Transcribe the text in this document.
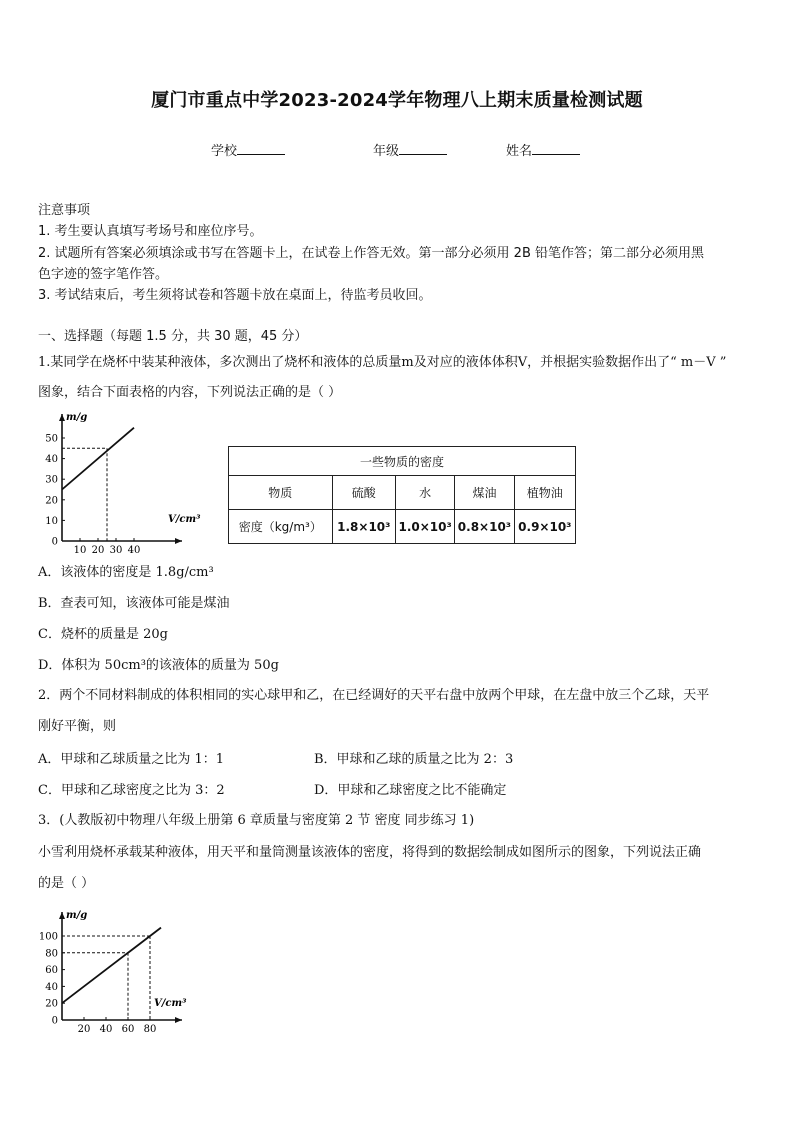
厦门市重点中学2023-2024学年物理八上期末质量检测试题
学校	年级	姓名
注意事项
1. 考生要认真填写考场号和座位序号。
2. 试题所有答案必须填涂或书写在答题卡上，在试卷上作答无效。第一部分必须用 2B 铅笔作答；第二部分必须用黑
色字迹的签字笔作答。
3. 考试结束后，考生须将试卷和答题卡放在桌面上，待监考员收回。
一、选择题（每题 1.5 分，共 30 题，45 分）
1.某同学在烧杯中装某种液体，多次测出了烧杯和液体的总质量m及对应的液体体积V，并根据实验数据作出了“ m－V ”
图象，结合下面表格的内容，下列说法正确的是（ ）
0
10
20
30
40
50
10 20 30 40
m/g
V/cm³
一些物质的密度				
物质	硫酸	水	煤油	植物油
密度（kg/m³）	1.8×10³	1.0×10³	0.8×10³	0.9×10³
A．该液体的密度是 1.8g/cm³
B．查表可知，该液体可能是煤油
C．烧杯的质量是 20g
D．体积为 50cm³的该液体的质量为 50g
2．两个不同材料制成的体积相同的实心球甲和乙，在已经调好的天平右盘中放两个甲球，在左盘中放三个乙球，天平
刚好平衡，则
A．甲球和乙球质量之比为 1：1	B．甲球和乙球的质量之比为 2：3
C．甲球和乙球密度之比为 3：2	D．甲球和乙球密度之比不能确定
3．(人教版初中物理八年级上册第 6 章质量与密度第 2 节 密度 同步练习 1)
小雪利用烧杯承载某种液体，用天平和量筒测量该液体的密度，将得到的数据绘制成如图所示的图象，下列说法正确
的是（ ）
0
20
40
60
80
100
20 40 60 80
m/g
V/cm³
